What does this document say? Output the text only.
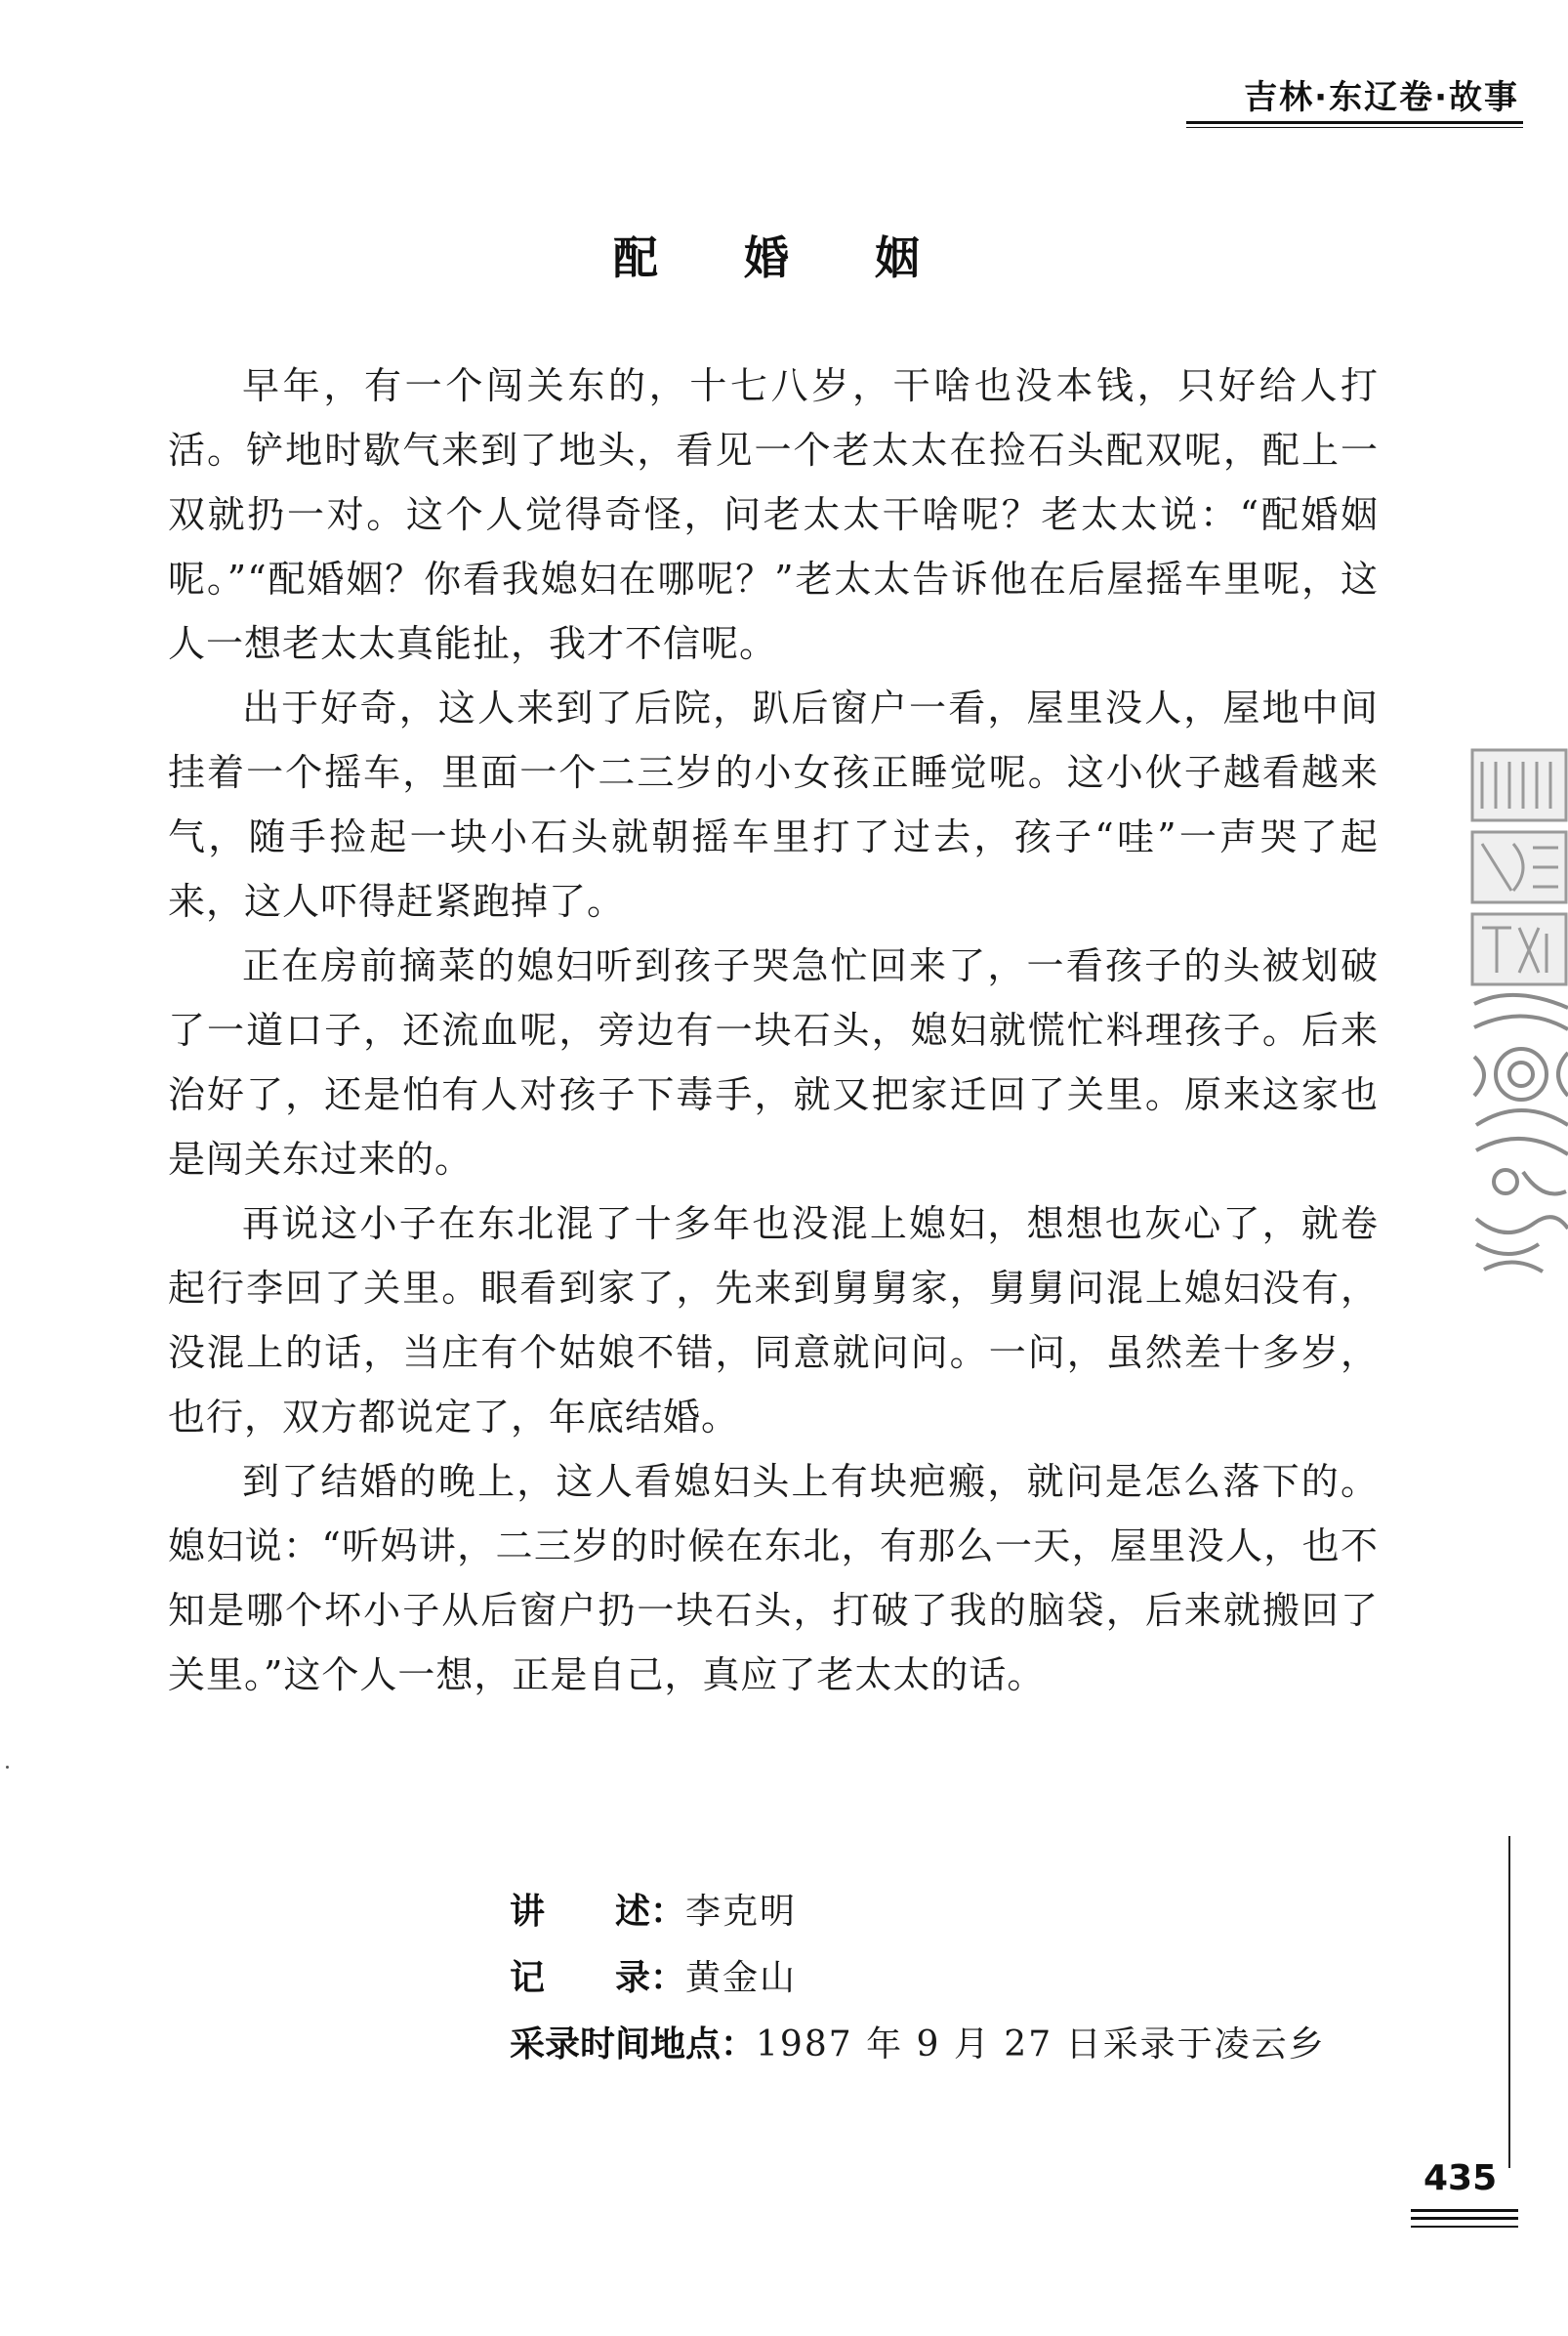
吉林·东辽卷·故事
配 婚 姻

早年，有一个闯关东的，十七八岁，干啥也没本钱，只好给人打活。铲地时歇气来到了地头，看见一个老太太在捡石头配双呢，配上一双就扔一对。这个人觉得奇怪，问老太太干啥呢？老太太说：“配婚姻呢。”“配婚姻？你看我媳妇在哪呢？”老太太告诉他在后屋摇车里呢，这人一想老太太真能扯，我才不信呢。

出于好奇，这人来到了后院，趴后窗户一看，屋里没人，屋地中间挂着一个摇车，里面一个二三岁的小女孩正睡觉呢。这小伙子越看越来气，随手捡起一块小石头就朝摇车里打了过去，孩子“哇”一声哭了起来，这人吓得赶紧跑掉了。

正在房前摘菜的媳妇听到孩子哭急忙回来了，一看孩子的头被划破了一道口子，还流血呢，旁边有一块石头，媳妇就慌忙料理孩子。后来治好了，还是怕有人对孩子下毒手，就又把家迁回了关里。原来这家也是闯关东过来的。

再说这小子在东北混了十多年也没混上媳妇，想想也灰心了，就卷起行李回了关里。眼看到家了，先来到舅舅家，舅舅问混上媳妇没有，没混上的话，当庄有个姑娘不错，同意就问问。一问，虽然差十多岁，也行，双方都说定了，年底结婚。

到了结婚的晚上，这人看媳妇头上有块疤瘢，就问是怎么落下的。媳妇说：“听妈讲，二三岁的时候在东北，有那么一天，屋里没人，也不知是哪个坏小子从后窗户扔一块石头，打破了我的脑袋，后来就搬回了关里。”这个人一想，正是自己，真应了老太太的话。

讲　　述： 李克明
记　　录： 黄金山
采录时间地点： 1987 年 9 月 27 日采录于凌云乡
435
